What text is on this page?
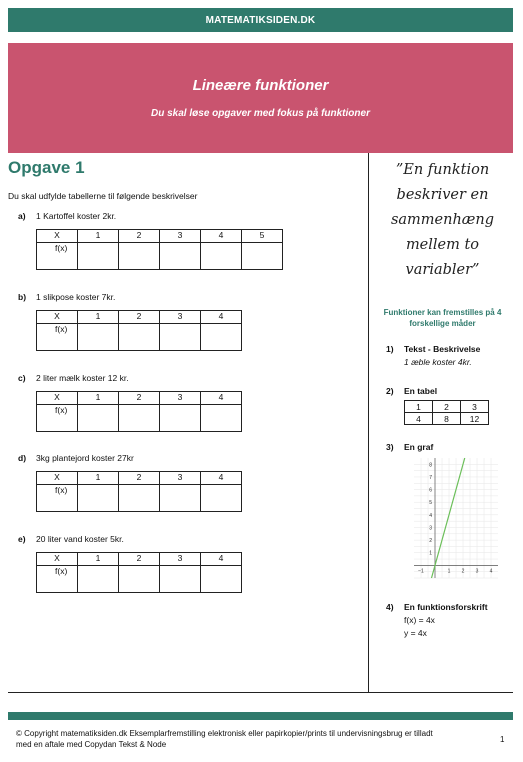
MATEMATIKSIDEN.DK
Lineære funktioner
Du skal løse opgaver med fokus på funktioner
Opgave 1
Du skal udfylde tabellerne til følgende beskrivelser
a)	1 Kartoffel koster 2kr.
X	1	2	3	4	5
f(x)					
b)	1 slikpose koster 7kr.
X	1	2	3	4
f(x)				
c)	2 liter mælk koster 12 kr.
X	1	2	3	4
f(x)				
d)	3kg plantejord koster 27kr
X	1	2	3	4
f(x)				
e)	20 liter vand koster 5kr.
X	1	2	3	4
f(x)				
”En funktion beskriver en sammenhæng mellem to variabler”
Funktioner kan fremstilles på 4 forskellige måder
1)	Tekst - Beskrivelse
1 æble koster 4kr.
2)	En tabel
1	2	3
4	8	12
3)	En graf
8
7
6
5
4
3
2
1
−1	1 2 3 4
4)	En funktionsforskrift
f(x) = 4x
y = 4x
© Copyright matematiksiden.dk Eksemplarfremstilling elektronisk eller papirkopier/prints til undervisningsbrug er tilladt med en aftale med Copydan Tekst & Node
1
